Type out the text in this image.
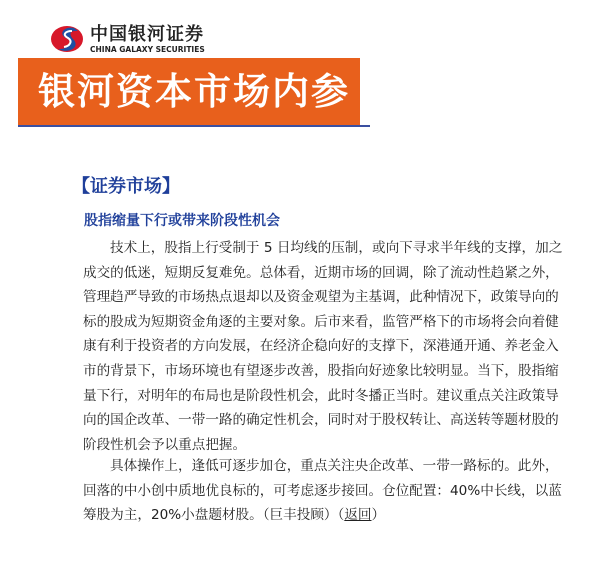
中国银河证券
CHINA GALAXY SECURITIES
银河资本市场内参
【证券市场】
股指缩量下行或带来阶段性机会
技术上，股指上行受制于 5 日均线的压制，或向下寻求半年线的支撑，加之
成交的低迷，短期反复难免。总体看，近期市场的回调，除了流动性趋紧之外，
管理趋严导致的市场热点退却以及资金观望为主基调，此种情况下，政策导向的
标的股成为短期资金角逐的主要对象。后市来看，监管严格下的市场将会向着健
康有利于投资者的方向发展，在经济企稳向好的支撑下，深港通开通、养老金入
市的背景下，市场环境也有望逐步改善，股指向好迹象比较明显。当下，股指缩
量下行，对明年的布局也是阶段性机会，此时冬播正当时。建议重点关注政策导
向的国企改革、一带一路的确定性机会，同时对于股权转让、高送转等题材股的
阶段性机会予以重点把握。
具体操作上，逢低可逐步加仓，重点关注央企改革、一带一路标的。此外，
回落的中小创中质地优良标的，可考虑逐步接回。仓位配置：40%中长线，以蓝
筹股为主，20%小盘题材股。（巨丰投顾）（返回）
